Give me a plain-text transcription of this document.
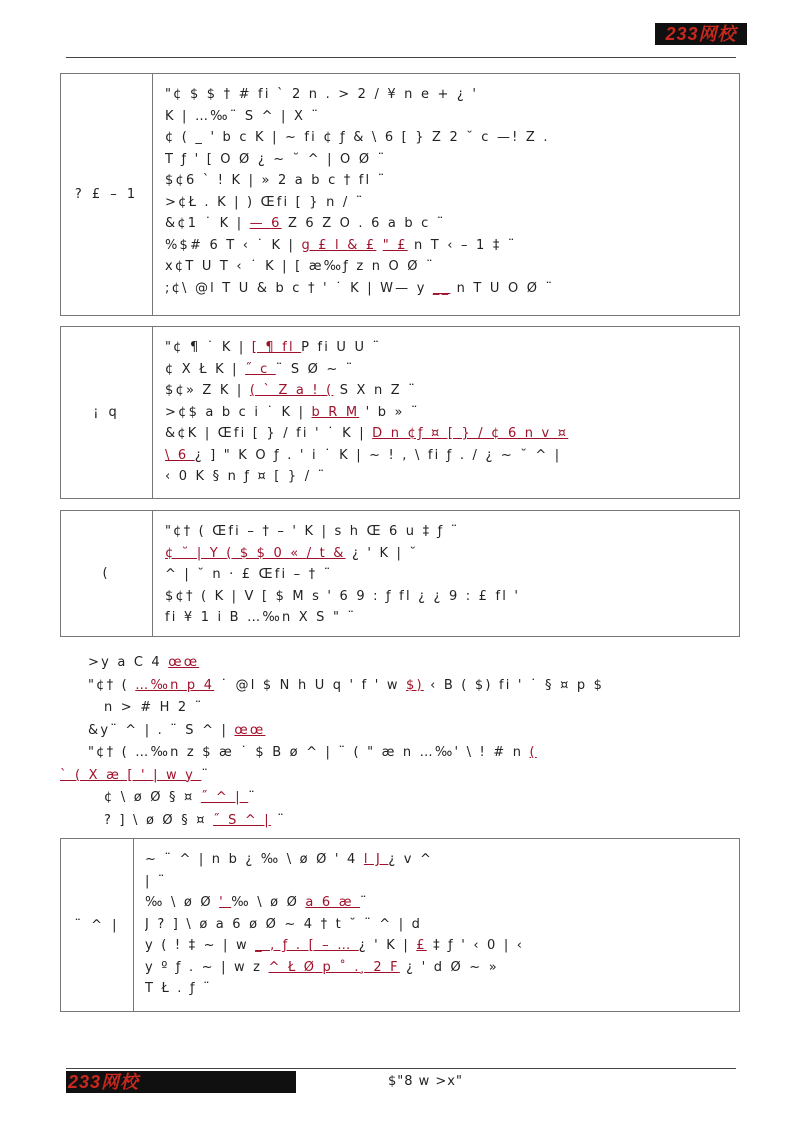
233网校
? £ – 1
"¢ $ $ † # fi ` 2 n . > 2 / ¥ n e + ¿ '
K | …‰¨ S ^ | X ¨
¢ ( _ ' b c K | ~ fi ¢ ƒ & \ 6 [ } Z 2 ˘ c —! Z .
T ƒ ' [ O Ø ¿ ~ ˘ ^ | O Ø ¨
$¢6 ` ! K | » 2 a b c † fl ¨
>¢Ł . K | ) Œfi [ } n / ¨
&¢1 ˙ K | — 6 Z 6 Z O . 6 a b c ¨
%$# 6 T ‹ ˙ K | g £ l & £ " £ n T ‹ – 1 ‡ ¨
x¢T U T ‹ ˙ K | [ æ‰ƒ z n O Ø ¨
;¢\ @l T U & b c † ' ˙ K | W— y __ n T U O Ø ¨
¡ q
"¢ ¶ ˙ K | [ ¶ fl P fi U U ¨
¢ X Ł K | ˝ c ¨ S Ø ~ ¨
$¢» Z K | ( ` Z a ! ( S X n Z ¨
>¢$ a b c i ˙ K | b R M ' b » ¨
&¢K | Œfi [ } / fi ' ˙ K | D n ¢ƒ ¤ [ } / ¢ 6 n v ¤
\ 6 ¿ ] " K O ƒ . ' i ˙ K | ~ ! , \ fi ƒ . / ¿ ~ ˘ ^ |
‹ 0 K § n ƒ ¤ [ } / ¨
(
"¢† ( Œfi – † – ' K | s h Œ 6 u ‡ ƒ ¨
¢ ˘ | Y ( $ $ 0 « / t & ¿ ' K | ˘
^ | ˘ n · £ Œfi – † ¨
$¢† ( K | V [ $ M s ' 6 9 : ƒ fl ¿ ¿ 9 : £ fl '
fi ¥ 1 i B …‰n X S " ¨
>y a C 4 œœ
"¢† ( …‰n p 4 ˙ @l $ N h U q ' f ' w $) ‹ B ( $) fi ' ˙ § ¤ p $
n > # H 2 ¨
&y¨ ^ | . ¨ S ^ | œœ
"¢† ( …‰n z $ æ ˙ $ B ø ^ | ¨ ( " æ n …‰' \ ! # n (
` ( X æ [ ' | w y ¨
¢ \ ø Ø § ¤ ˝ ^ | ¨
? ] \ ø Ø § ¤ ˝ S ^ | ¨
¨ ^ |
~ ¨ ^ | n b ¿ ‰ \ ø Ø ' 4 l J ¿ v ^
| ¨
‰ \ ø Ø ' ‰ \ ø Ø a 6 æ ¨
J ? ] \ ø a 6 ø Ø ~ 4 † t ˘ ¨ ^ | d
y ( ! ‡ ~ | w _ , ƒ . [ – … ¿ ' K | £ ‡ ƒ ' ‹ 0 | ‹
y º ƒ . ~ | w z ^ Ł Ø p ˚ . ̧ 2 F ¿ ' d Ø ~ »
T Ł . ƒ ¨
233网校	$"8 w >x"
